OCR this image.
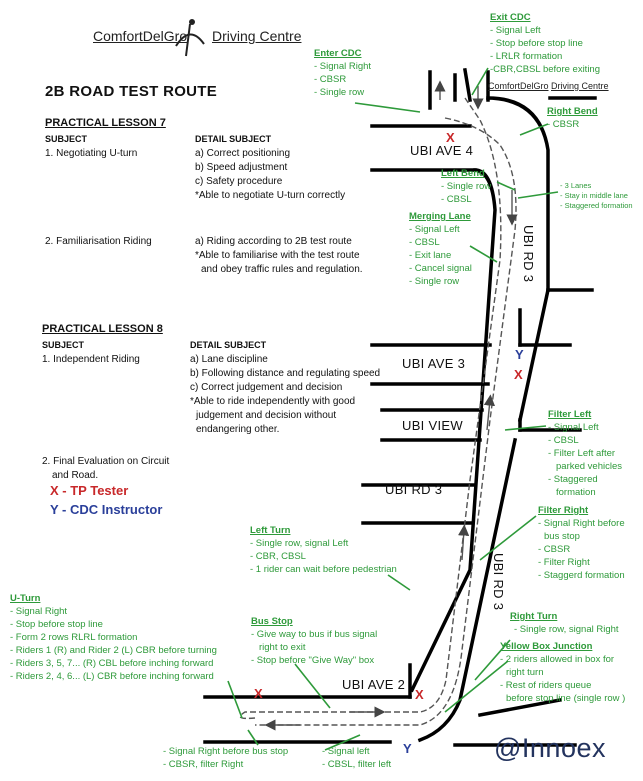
ComfortDelGro Driving Centre
ComfortDelGro Driving Centre
2B ROAD TEST ROUTE
PRACTICAL LESSON 7
SUBJECT	DETAIL SUBJECT
1. Negotiating U-turn	a) Correct positioning
b) Speed adjustment
c) Safety procedure
*Able to negotiate U-turn correctly
2. Familiarisation Riding	a) Riding according to 2B test route
*Able to familiarise with the test route
and obey traffic rules and regulation.
PRACTICAL LESSON 8
SUBJECT	DETAIL SUBJECT
1. Independent Riding	a) Lane discipline
b) Following distance and regulating speed
c) Correct judgement and decision
*Able to ride independently with good
judgement and decision without
endangering other.
2. Final Evaluation on Circuit
and Road.
X - TP Tester
Y - CDC Instructor
UBI AVE 4
UBI RD 3
UBI AVE 3
UBI VIEW
UBI RD 3
UBI RD 3
UBI AVE 2
X
Y
X
X	X
Y
Exit CDC
- Signal Left
- Stop before stop line
- LRLR formation
-CBR,CBSL before exiting
Enter CDC
- Signal Right
- CBSR
- Single row
Right Bend
- CBSR
Left Bend
- Single row
- CBSL
- 3 Lanes
- Stay in middle lane
- Staggered formation
Merging Lane
- Signal Left
- CBSL
- Exit lane
- Cancel signal
- Single row
Filter Left
- Signal Left
- CBSL
- Filter Left after
parked vehicles
- Staggered
formation
Filter Right
- Signal Right before
bus stop
- CBSR
- Filter Right
- Staggerd formation
Left Turn
- Single row, signal Left
- CBR, CBSL
- 1 rider can wait before pedestrian
U-Turn
- Signal Right
- Stop before stop line
- Form 2 rows RLRL formation
- Riders 1 (R) and Rider 2 (L) CBR before turning
- Riders 3, 5, 7... (R) CBL before inching forward
- Riders 2, 4, 6... (L) CBR before inching forward
Bus Stop
- Give way to bus if bus signal
right to exit
- Stop before "Give Way" box
Right Turn
- Single row, signal Right
Yellow Box Junction
- 2 riders allowed in box for
right turn
- Rest of riders queue
before stop line (single row )
- Signal Right before bus stop
- CBSR, filter Right
- Signal left
- CBSL, filter left
@Innoex
